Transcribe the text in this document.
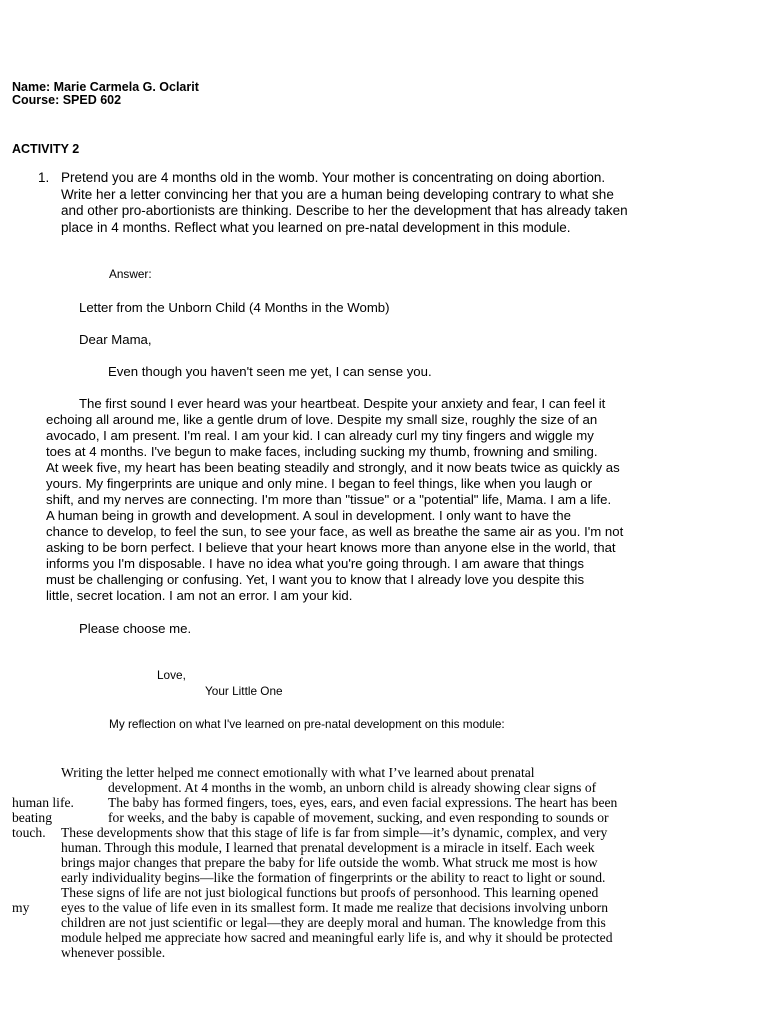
Name: Marie Carmela G. Oclarit
Course: SPED 602
ACTIVITY 2
1. Pretend you are 4 months old in the womb. Your mother is concentrating on doing abortion.
Write her a letter convincing her that you are a human being developing contrary to what she
and other pro-abortionists are thinking. Describe to her the development that has already taken
place in 4 months. Reflect what you learned on pre-natal development in this module.
Answer:
Letter from the Unborn Child (4 Months in the Womb)
Dear Mama,
Even though you haven't seen me yet, I can sense you.
The first sound I ever heard was your heartbeat. Despite your anxiety and fear, I can feel it
echoing all around me, like a gentle drum of love. Despite my small size, roughly the size of an
avocado, I am present. I'm real. I am your kid. I can already curl my tiny fingers and wiggle my
toes at 4 months. I've begun to make faces, including sucking my thumb, frowning and smiling.
At week five, my heart has been beating steadily and strongly, and it now beats twice as quickly as
yours. My fingerprints are unique and only mine. I began to feel things, like when you laugh or
shift, and my nerves are connecting. I'm more than "tissue" or a "potential" life, Mama. I am a life.
A human being in growth and development. A soul in development. I only want to have the
chance to develop, to feel the sun, to see your face, as well as breathe the same air as you. I'm not
asking to be born perfect. I believe that your heart knows more than anyone else in the world, that
informs you I'm disposable. I have no idea what you're going through. I am aware that things
must be challenging or confusing. Yet, I want you to know that I already love you despite this
little, secret location. I am not an error. I am your kid.
Please choose me.
Love,
Your Little One
My reflection on what I've learned on pre-natal development on this module:
Writing the letter helped me connect emotionally with what I’ve learned about prenatal
development. At 4 months in the womb, an unborn child is already showing clear signs of
human life.	The baby has formed fingers, toes, eyes, ears, and even facial expressions. The heart has been
beating	for weeks, and the baby is capable of movement, sucking, and even responding to sounds or
touch. These developments show that this stage of life is far from simple—it’s dynamic, complex, and very
human. Through this module, I learned that prenatal development is a miracle in itself. Each week
brings major changes that prepare the baby for life outside the womb. What struck me most is how
early individuality begins—like the formation of fingerprints or the ability to react to light or sound.
These signs of life are not just biological functions but proofs of personhood. This learning opened
my eyes to the value of life even in its smallest form. It made me realize that decisions involving unborn
children are not just scientific or legal—they are deeply moral and human. The knowledge from this
module helped me appreciate how sacred and meaningful early life is, and why it should be protected
whenever possible.
